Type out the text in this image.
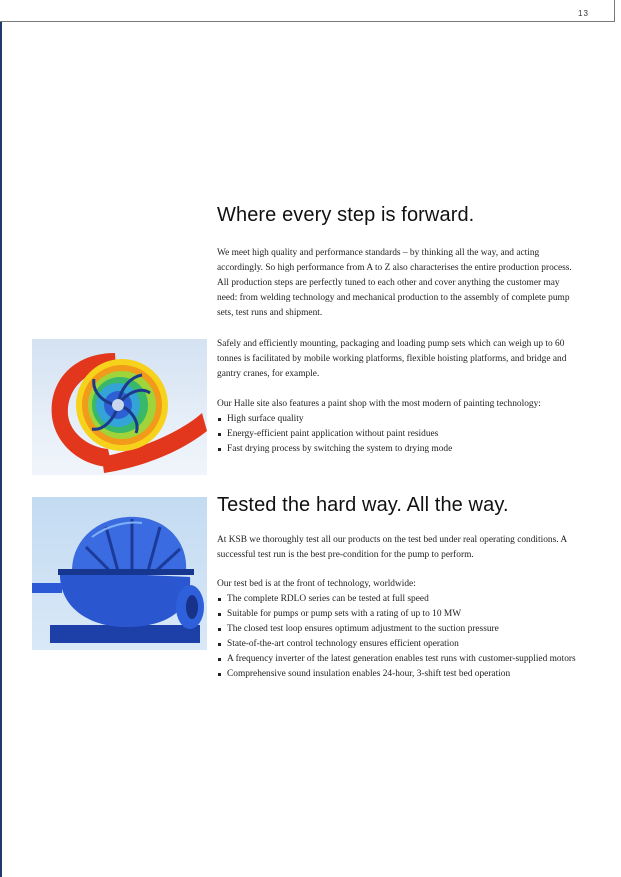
13
Where every step is forward.

We meet high quality and performance standards – by thinking all the way, and acting accordingly. So high performance from A to Z also characterises the entire production process. All production steps are perfectly tuned to each other and cover anything the customer may need: from welding technology and mechanical production to the assembly of complete pump sets, test runs and shipment.

Safely and efficiently mounting, packaging and loading pump sets which can weigh up to 60 tonnes is facilitated by mobile working platforms, flexible hoisting platforms, and bridge and gantry cranes, for example.

Our Halle site also features a paint shop with the most modern of painting technology:

High surface quality
Energy-efficient paint application without paint residues
Fast drying process by switching the system to drying mode
Tested the hard way. All the way.

At KSB we thoroughly test all our products on the test bed under real operating conditions. A successful test run is the best pre-condition for the pump to perform.

Our test bed is at the front of technology, worldwide:

The complete RDLO series can be tested at full speed
Suitable for pumps or pump sets with a rating of up to 10 MW
The closed test loop ensures optimum adjustment to the suction pressure
State-of-the-art control technology ensures efficient operation
A frequency inverter of the latest generation enables test runs with customer-supplied motors
Comprehensive sound insulation enables 24-hour, 3-shift test bed operation
